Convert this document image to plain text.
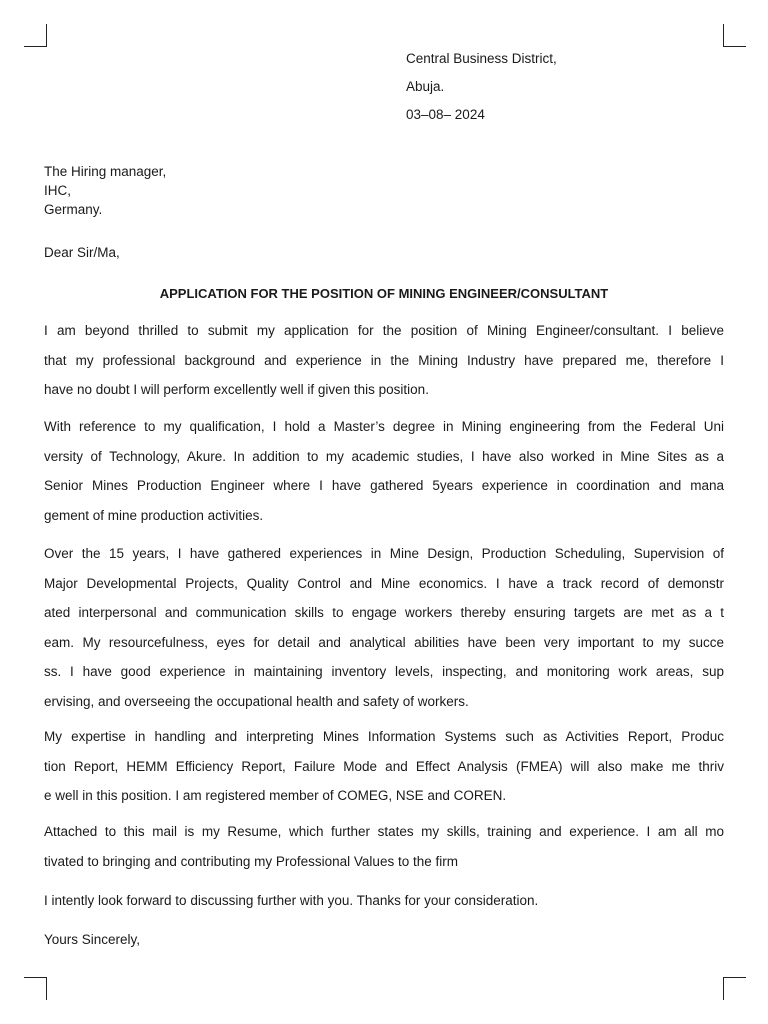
Central Business District,
Abuja.
03–08– 2024
The Hiring manager,
IHC,
Germany.
Dear Sir/Ma,
APPLICATION FOR THE POSITION OF MINING ENGINEER/CONSULTANT
I am beyond thrilled to submit my application for the position of Mining Engineer/consultant. I believe
that my professional background and experience in the Mining Industry have prepared me, therefore I
have no doubt I will perform excellently well if given this position.
With reference to my qualification, I hold a Master’s degree in Mining engineering from the Federal Uni
versity of Technology, Akure. In addition to my academic studies, I have also worked in Mine Sites as a
Senior Mines Production Engineer where I have gathered 5years experience in coordination and mana
gement of mine production activities.
Over the 15 years, I have gathered experiences in Mine Design, Production Scheduling, Supervision of
Major Developmental Projects, Quality Control and Mine economics. I have a track record of demonstr
ated interpersonal and communication skills to engage workers thereby ensuring targets are met as a t
eam. My resourcefulness, eyes for detail and analytical abilities have been very important to my succe
ss. I have good experience in maintaining inventory levels, inspecting, and monitoring work areas, sup
ervising, and overseeing the occupational health and safety of workers.
My expertise in handling and interpreting Mines Information Systems such as Activities Report, Produc
tion Report, HEMM Efficiency Report, Failure Mode and Effect Analysis (FMEA) will also make me thriv
e well in this position. I am registered member of COMEG, NSE and COREN.
Attached to this mail is my Resume, which further states my skills, training and experience. I am all mo
tivated to bringing and contributing my Professional Values to the firm
I intently look forward to discussing further with you. Thanks for your consideration.
Yours Sincerely,
